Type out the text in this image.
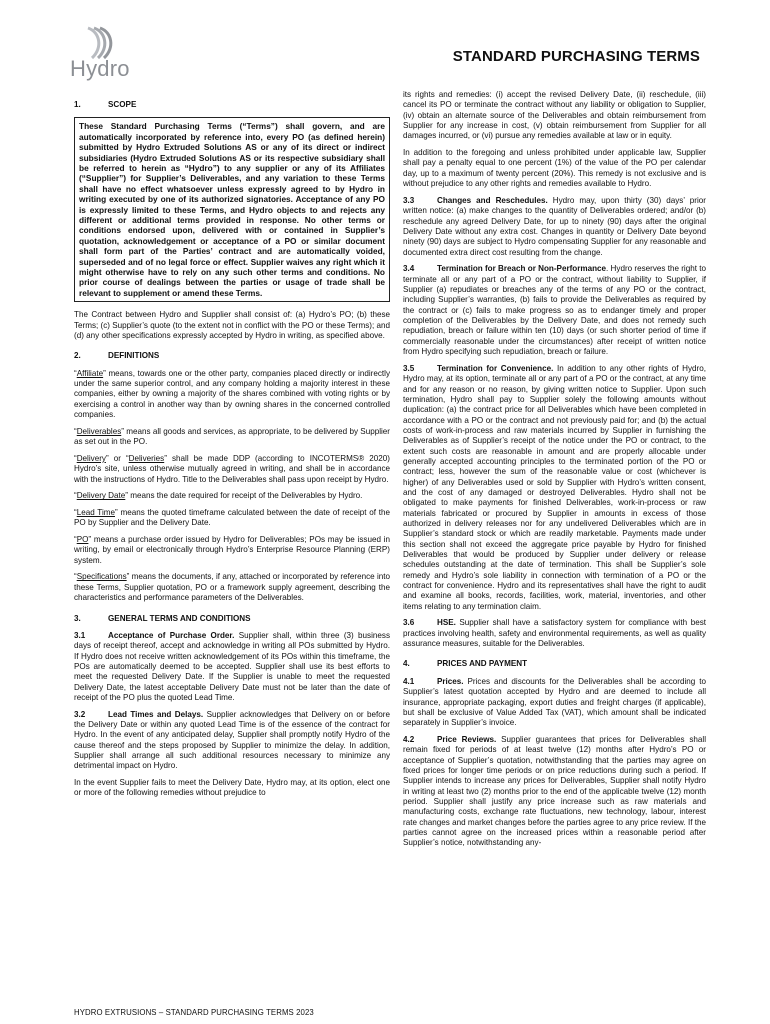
Hydro	STANDARD PURCHASING TERMS
1.	SCOPE
These Standard Purchasing Terms (“Terms”) shall govern, and are automatically incorporated by reference into, every PO (as defined herein) submitted by Hydro Extruded Solutions AS or any of its direct or indirect subsidiaries (Hydro Extruded Solutions AS or its respective subsidiary shall be referred to herein as “Hydro”) to any supplier or any of its Affiliates (“Supplier”) for Supplier’s Deliverables, and any variation to these Terms shall have no effect whatsoever unless expressly agreed to by Hydro in writing executed by one of its authorized signatories. Acceptance of any PO is expressly limited to these Terms, and Hydro objects to and rejects any different or additional terms provided in response. No other terms or conditions endorsed upon, delivered with or contained in Supplier’s quotation, acknowledgement or acceptance of a PO or similar document shall form part of the Parties’ contract and are automatically voided, superseded and of no legal force or effect. Supplier waives any right which it might otherwise have to rely on any such other terms and conditions. No prior course of dealings between the parties or usage of trade shall be relevant to supplement or amend these Terms.

The Contract between Hydro and Supplier shall consist of: (a) Hydro’s PO; (b) these Terms; (c) Supplier’s quote (to the extent not in conflict with the PO or these Terms); and (d) any other specifications expressly accepted by Hydro in writing, as specified above.

2.	DEFINITIONS

“Affiliate” means, towards one or the other party, companies placed directly or indirectly under the same superior control, and any company holding a majority interest in these companies, either by owning a majority of the shares combined with voting rights or by exercising a control in another way than by owning shares in the concerned controlled companies.

“Deliverables” means all goods and services, as appropriate, to be delivered by Supplier as set out in the PO.

“Delivery” or “Deliveries” shall be made DDP (according to INCOTERMS® 2020) Hydro’s site, unless otherwise mutually agreed in writing, and shall be in accordance with the instructions of Hydro. Title to the Deliverables shall pass upon receipt by Hydro.

“Delivery Date” means the date required for receipt of the Deliverables by Hydro.

“Lead Time” means the quoted timeframe calculated between the date of receipt of the PO by Supplier and the Delivery Date.

“PO” means a purchase order issued by Hydro for Deliverables; POs may be issued in writing, by email or electronically through Hydro’s Enterprise Resource Planning (ERP) system.

“Specifications” means the documents, if any, attached or incorporated by reference into these Terms, Supplier quotation, PO or a framework supply agreement, describing the characteristics and performance parameters of the Deliverables.

3.	GENERAL TERMS AND CONDITIONS

3.1	Acceptance of Purchase Order. Supplier shall, within three (3) business days of receipt thereof, accept and acknowledge in writing all POs submitted by Hydro. If Hydro does not receive written acknowledgement of its POs within this timeframe, the POs are automatically deemed to be accepted. Supplier shall use its best efforts to meet the requested Delivery Date. If the Supplier is unable to meet the requested Delivery Date, the latest acceptable Delivery Date must not be later than the date of receipt of the PO plus the quoted Lead Time.

3.2	Lead Times and Delays. Supplier acknowledges that Delivery on or before the Delivery Date or within any quoted Lead Time is of the essence of the contract for Hydro. In the event of any anticipated delay, Supplier shall promptly notify Hydro of the cause thereof and the steps proposed by Supplier to minimize the delay. In addition, Supplier shall arrange all such additional resources necessary to minimize any detrimental impact on Hydro.

In the event Supplier fails to meet the Delivery Date, Hydro may, at its option, elect one or more of the following remedies without prejudice to

its rights and remedies: (i) accept the revised Delivery Date, (ii) reschedule, (iii) cancel its PO or terminate the contract without any liability or obligation to Supplier, (iv) obtain an alternate source of the Deliverables and obtain reimbursement from Supplier for any increase in cost, (v) obtain reimbursement from Supplier for all damages incurred, or (vi) pursue any remedies available at law or in equity.

In addition to the foregoing and unless prohibited under applicable law, Supplier shall pay a penalty equal to one percent (1%) of the value of the PO per calendar day, up to a maximum of twenty percent (20%). This remedy is not exclusive and is without prejudice to any other rights and remedies available to Hydro.

3.3	Changes and Reschedules. Hydro may, upon thirty (30) days’ prior written notice: (a) make changes to the quantity of Deliverables ordered; and/or (b) reschedule any agreed Delivery Date, for up to ninety (90) days after the original Delivery Date without any extra cost. Changes in quantity or Delivery Date beyond ninety (90) days are subject to Hydro compensating Supplier for any reasonable and documented extra direct cost resulting from the change.

3.4	Termination for Breach or Non-Performance. Hydro reserves the right to terminate all or any part of a PO or the contract, without liability to Supplier, if Supplier (a) repudiates or breaches any of the terms of any PO or the contract, including Supplier’s warranties, (b) fails to provide the Deliverables as required by the contract or (c) fails to make progress so as to endanger timely and proper completion of the Deliverables by the Delivery Date, and does not remedy such repudiation, breach or failure within ten (10) days (or such shorter period of time if commercially reasonable under the circumstances) after receipt of written notice from Hydro specifying such repudiation, breach or failure.

3.5	Termination for Convenience. In addition to any other rights of Hydro, Hydro may, at its option, terminate all or any part of a PO or the contract, at any time and for any reason or no reason, by giving written notice to Supplier. Upon such termination, Hydro shall pay to Supplier solely the following amounts without duplication: (a) the contract price for all Deliverables which have been completed in accordance with a PO or the contract and not previously paid for; and (b) the actual costs of work-in-process and raw materials incurred by Supplier in furnishing the Deliverables as of Supplier’s receipt of the notice under the PO or contract, to the extent such costs are reasonable in amount and are properly allocable under generally accepted accounting principles to the terminated portion of the PO or contract; less, however the sum of the reasonable value or cost (whichever is higher) of any Deliverables used or sold by Supplier with Hydro’s written consent, and the cost of any damaged or destroyed Deliverables. Hydro shall not be obligated to make payments for finished Deliverables, work-in-process or raw materials fabricated or procured by Supplier in amounts in excess of those authorized in delivery releases nor for any undelivered Deliverables which are in Supplier’s standard stock or which are readily marketable. Payments made under this section shall not exceed the aggregate price payable by Hydro for finished Deliverables that would be produced by Supplier under delivery or release schedules outstanding at the date of termination. This shall be Supplier’s sole remedy and Hydro’s sole liability in connection with termination of a PO or the contract for convenience. Hydro and its representatives shall have the right to audit and examine all books, records, facilities, work, material, inventories, and other items relating to any termination claim.

3.6	HSE. Supplier shall have a satisfactory system for compliance with best practices involving health, safety and environmental requirements, as well as quality assurance measures, suitable for the Deliverables.

4.	PRICES AND PAYMENT

4.1	Prices. Prices and discounts for the Deliverables shall be according to Supplier’s latest quotation accepted by Hydro and are deemed to include all insurance, appropriate packaging, export duties and freight charges (if applicable), but shall be exclusive of Value Added Tax (VAT), which amount shall be indicated separately in Supplier’s invoice.

4.2	Price Reviews. Supplier guarantees that prices for Deliverables shall remain fixed for periods of at least twelve (12) months after Hydro’s PO or acceptance of Supplier’s quotation, notwithstanding that the parties may agree on fixed prices for longer time periods or on price reductions during such a period. If Supplier intends to increase any prices for Deliverables, Supplier shall notify Hydro in writing at least two (2) months prior to the end of the applicable twelve (12) month period. Supplier shall justify any price increase such as raw materials and manufacturing costs, exchange rate fluctuations, new technology, labour, interest rate changes and market changes before the parties agree to any price review. If the parties cannot agree on the increased prices within a reasonable period after Supplier’s notice, notwithstanding any-

HYDRO EXTRUSIONS – STANDARD PURCHASING TERMS 2023
